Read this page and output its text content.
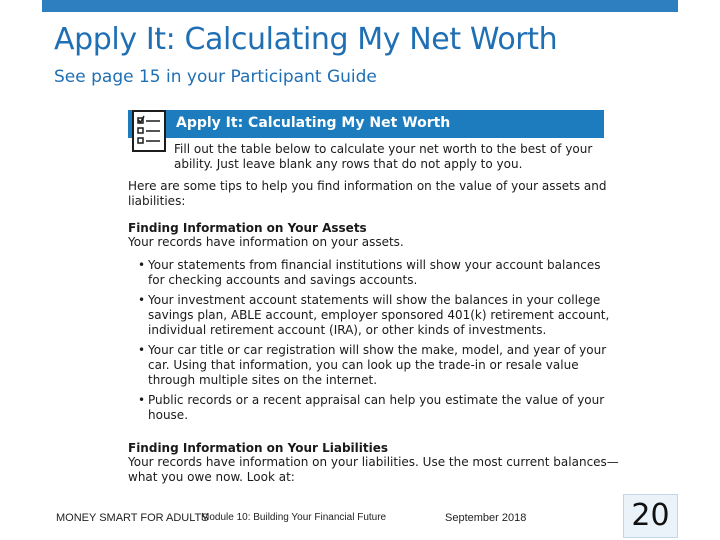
Apply It: Calculating My Net Worth

See page 15 in your Participant Guide

Apply It: Calculating My Net Worth

Fill out the table below to calculate your net worth to the best of your
ability. Just leave blank any rows that do not apply to you.

Here are some tips to help you find information on the value of your assets and
liabilities:

Finding Information on Your Assets

Your records have information on your assets.

• Your statements from financial institutions will show your account balances
for checking accounts and savings accounts.
• Your investment account statements will show the balances in your college
savings plan, ABLE account, employer sponsored 401(k) retirement account,
individual retirement account (IRA), or other kinds of investments.
• Your car title or car registration will show the make, model, and year of your
car. Using that information, you can look up the trade-in or resale value
through multiple sites on the internet.
• Public records or a recent appraisal can help you estimate the value of your
house.

Finding Information on Your Liabilities

Your records have information on your liabilities. Use the most current balances—
what you owe now. Look at:

MONEY SMART FOR ADULTS
Module 10: Building Your Financial Future	September 2018	20
